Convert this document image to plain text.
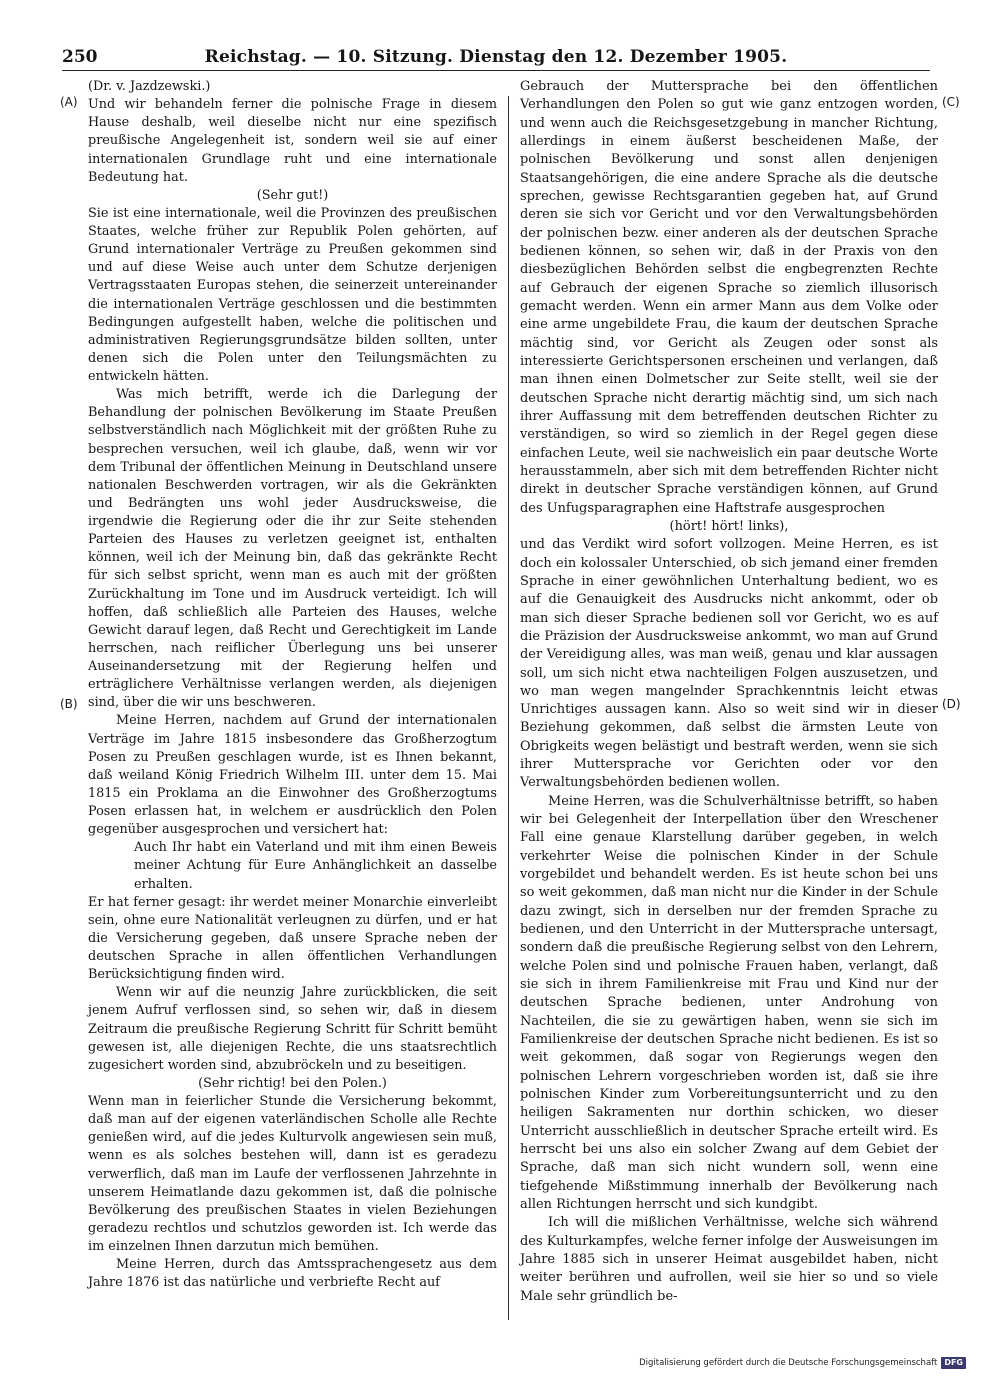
250	Reichstag. — 10. Sitzung. Dienstag den 12. Dezember 1905.
(A)
(B)
(C)
(D)

(Dr. v. Jazdzewski.)

Und wir behandeln ferner die polnische Frage in diesem Hause deshalb, weil dieselbe nicht nur eine spezifisch preußische Angelegenheit ist, sondern weil sie auf einer internationalen Grundlage ruht und eine internationale Bedeutung hat.

(Sehr gut!)

Sie ist eine internationale, weil die Provinzen des preußischen Staates, welche früher zur Republik Polen gehörten, auf Grund internationaler Verträge zu Preußen gekommen sind und auf diese Weise auch unter dem Schutze derjenigen Vertragsstaaten Europas stehen, die seinerzeit untereinander die internationalen Verträge geschlossen und die bestimmten Bedingungen aufgestellt haben, welche die politischen und administrativen Regierungsgrundsätze bilden sollten, unter denen sich die Polen unter den Teilungsmächten zu entwickeln hätten.

Was mich betrifft, werde ich die Darlegung der Behandlung der polnischen Bevölkerung im Staate Preußen selbstverständlich nach Möglichkeit mit der größten Ruhe zu besprechen versuchen, weil ich glaube, daß, wenn wir vor dem Tribunal der öffentlichen Meinung in Deutschland unsere nationalen Beschwerden vortragen, wir als die Gekränkten und Bedrängten uns wohl jeder Ausdrucksweise, die irgendwie die Regierung oder die ihr zur Seite stehenden Parteien des Hauses zu verletzen geeignet ist, enthalten können, weil ich der Meinung bin, daß das gekränkte Recht für sich selbst spricht, wenn man es auch mit der größten Zurückhaltung im Tone und im Ausdruck verteidigt. Ich will hoffen, daß schließlich alle Parteien des Hauses, welche Gewicht darauf legen, daß Recht und Gerechtigkeit im Lande herrschen, nach reiflicher Überlegung uns bei unserer Auseinandersetzung mit der Regierung helfen und erträglichere Verhältnisse verlangen werden, als diejenigen sind, über die wir uns beschweren.

Meine Herren, nachdem auf Grund der internationalen Verträge im Jahre 1815 insbesondere das Großherzogtum Posen zu Preußen geschlagen wurde, ist es Ihnen bekannt, daß weiland König Friedrich Wilhelm III. unter dem 15. Mai 1815 ein Proklama an die Einwohner des Großherzogtums Posen erlassen hat, in welchem er ausdrücklich den Polen gegenüber ausgesprochen und versichert hat:

Auch Ihr habt ein Vaterland und mit ihm einen Beweis meiner Achtung für Eure Anhänglichkeit an dasselbe erhalten.

Er hat ferner gesagt: ihr werdet meiner Monarchie einverleibt sein, ohne eure Nationalität verleugnen zu dürfen, und er hat die Versicherung gegeben, daß unsere Sprache neben der deutschen Sprache in allen öffentlichen Verhandlungen Berücksichtigung finden wird.

Wenn wir auf die neunzig Jahre zurückblicken, die seit jenem Aufruf verflossen sind, so sehen wir, daß in diesem Zeitraum die preußische Regierung Schritt für Schritt bemüht gewesen ist, alle diejenigen Rechte, die uns staatsrechtlich zugesichert worden sind, abzubröckeln und zu beseitigen.

(Sehr richtig! bei den Polen.)

Wenn man in feierlicher Stunde die Versicherung bekommt, daß man auf der eigenen vaterländischen Scholle alle Rechte genießen wird, auf die jedes Kulturvolk angewiesen sein muß, wenn es als solches bestehen will, dann ist es geradezu verwerflich, daß man im Laufe der verflossenen Jahrzehnte in unserem Heimatlande dazu gekommen ist, daß die polnische Bevölkerung des preußischen Staates in vielen Beziehungen geradezu rechtlos und schutzlos geworden ist. Ich werde das im einzelnen Ihnen darzutun mich bemühen.

Meine Herren, durch das Amtssprachengesetz aus dem Jahre 1876 ist das natürliche und verbriefte Recht auf

Gebrauch der Muttersprache bei den öffentlichen Verhandlungen den Polen so gut wie ganz entzogen worden, und wenn auch die Reichsgesetzgebung in mancher Richtung, allerdings in einem äußerst bescheidenen Maße, der polnischen Bevölkerung und sonst allen denjenigen Staatsangehörigen, die eine andere Sprache als die deutsche sprechen, gewisse Rechtsgarantien gegeben hat, auf Grund deren sie sich vor Gericht und vor den Verwaltungsbehörden der polnischen bezw. einer anderen als der deutschen Sprache bedienen können, so sehen wir, daß in der Praxis von den diesbezüglichen Behörden selbst die engbegrenzten Rechte auf Gebrauch der eigenen Sprache so ziemlich illusorisch gemacht werden. Wenn ein armer Mann aus dem Volke oder eine arme ungebildete Frau, die kaum der deutschen Sprache mächtig sind, vor Gericht als Zeugen oder sonst als interessierte Gerichtspersonen erscheinen und verlangen, daß man ihnen einen Dolmetscher zur Seite stellt, weil sie der deutschen Sprache nicht derartig mächtig sind, um sich nach ihrer Auffassung mit dem betreffenden deutschen Richter zu verständigen, so wird so ziemlich in der Regel gegen diese einfachen Leute, weil sie nachweislich ein paar deutsche Worte herausstammeln, aber sich mit dem betreffenden Richter nicht direkt in deutscher Sprache verständigen können, auf Grund des Unfugsparagraphen eine Haftstrafe ausgesprochen

(hört! hört! links),

und das Verdikt wird sofort vollzogen. Meine Herren, es ist doch ein kolossaler Unterschied, ob sich jemand einer fremden Sprache in einer gewöhnlichen Unterhaltung bedient, wo es auf die Genauigkeit des Ausdrucks nicht ankommt, oder ob man sich dieser Sprache bedienen soll vor Gericht, wo es auf die Präzision der Ausdrucksweise ankommt, wo man auf Grund der Vereidigung alles, was man weiß, genau und klar aussagen soll, um sich nicht etwa nachteiligen Folgen auszusetzen, und wo man wegen mangelnder Sprachkenntnis leicht etwas Unrichtiges aussagen kann. Also so weit sind wir in dieser Beziehung gekommen, daß selbst die ärmsten Leute von Obrigkeits wegen belästigt und bestraft werden, wenn sie sich ihrer Muttersprache vor Gerichten oder vor den Verwaltungsbehörden bedienen wollen.

Meine Herren, was die Schulverhältnisse betrifft, so haben wir bei Gelegenheit der Interpellation über den Wreschener Fall eine genaue Klarstellung darüber gegeben, in welch verkehrter Weise die polnischen Kinder in der Schule vorgebildet und behandelt werden. Es ist heute schon bei uns so weit gekommen, daß man nicht nur die Kinder in der Schule dazu zwingt, sich in derselben nur der fremden Sprache zu bedienen, und den Unterricht in der Muttersprache untersagt, sondern daß die preußische Regierung selbst von den Lehrern, welche Polen sind und polnische Frauen haben, verlangt, daß sie sich in ihrem Familienkreise mit Frau und Kind nur der deutschen Sprache bedienen, unter Androhung von Nachteilen, die sie zu gewärtigen haben, wenn sie sich im Familienkreise der deutschen Sprache nicht bedienen. Es ist so weit gekommen, daß sogar von Regierungs wegen den polnischen Lehrern vorgeschrieben worden ist, daß sie ihre polnischen Kinder zum Vorbereitungsunterricht und zu den heiligen Sakramenten nur dorthin schicken, wo dieser Unterricht ausschließlich in deutscher Sprache erteilt wird. Es herrscht bei uns also ein solcher Zwang auf dem Gebiet der Sprache, daß man sich nicht wundern soll, wenn eine tiefgehende Mißstimmung innerhalb der Bevölkerung nach allen Richtungen herrscht und sich kundgibt.

Ich will die mißlichen Verhältnisse, welche sich während des Kulturkampfes, welche ferner infolge der Ausweisungen im Jahre 1885 sich in unserer Heimat ausgebildet haben, nicht weiter berühren und aufrollen, weil sie hier so und so viele Male sehr gründlich be-

Digitalisierung gefördert durch die Deutsche Forschungsgemeinschaft DFG
